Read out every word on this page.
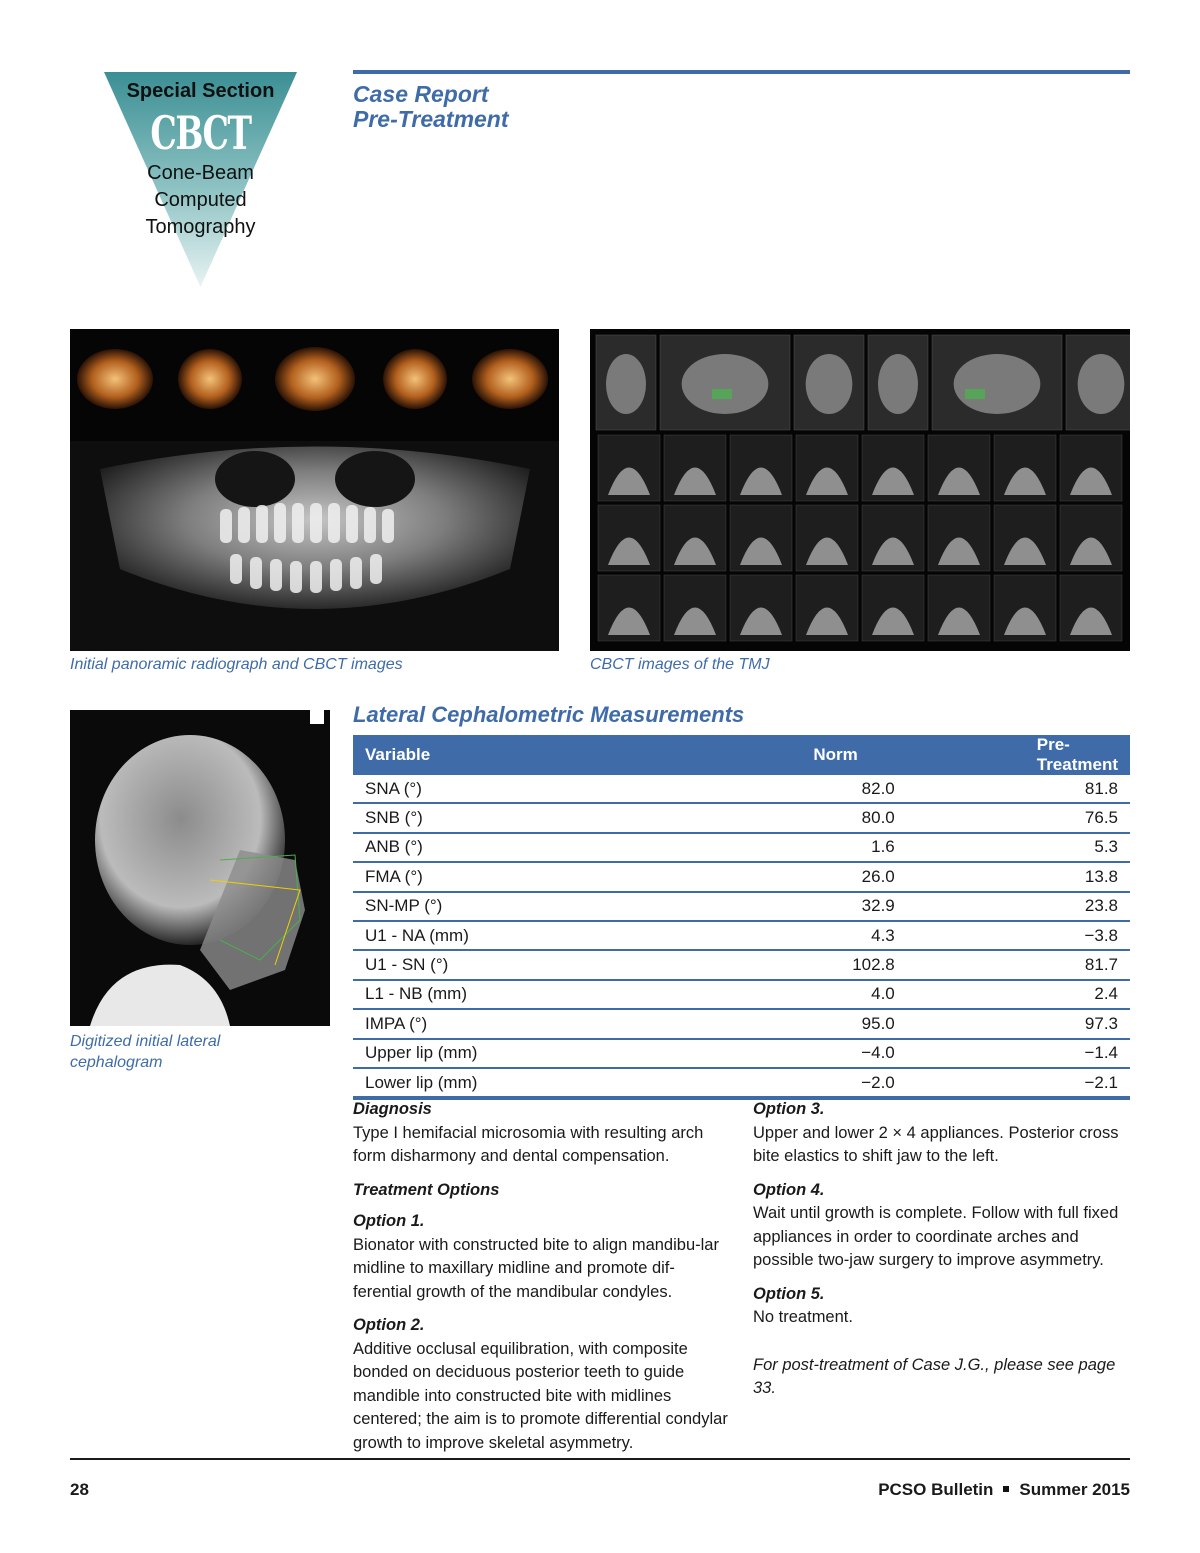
Special Section
CBCT
Cone-Beam
Computed
Tomography
Case Report
Pre-Treatment
Initial panoramic radiograph and CBCT images	CBCT images of the TMJ
Digitized initial lateral cephalogram
Lateral Cephalometric Measurements
Variable	Norm	Pre-Treatment
SNA (°)	82.0	81.8
SNB (°)	80.0	76.5
ANB (°)	1.6	5.3
FMA (°)	26.0	13.8
SN-MP (°)	32.9	23.8
U1 - NA (mm)	4.3	−3.8
U1 - SN (°)	102.8	81.7
L1 - NB (mm)	4.0	2.4
IMPA (°)	95.0	97.3
Upper lip (mm)	−4.0	−1.4
Lower lip (mm)	−2.0	−2.1
Diagnosis

Type I hemifacial microsomia with resulting arch form disharmony and dental compensation.

Treatment Options
Option 1.

Bionator with constructed bite to align mandibu-lar midline to maxillary midline and promote dif-ferential growth of the mandibular condyles.

Option 2.

Additive occlusal equilibration, with composite bonded on deciduous posterior teeth to guide mandible into constructed bite with midlines centered; the aim is to promote differential condylar growth to improve skeletal asymmetry.

Option 3.

Upper and lower 2 × 4 appliances. Posterior cross bite elastics to shift jaw to the left.

Option 4.

Wait until growth is complete. Follow with full fixed appliances in order to coordinate arches and possible two-jaw surgery to improve asymmetry.

Option 5.

No treatment.

For post-treatment of Case J.G., please see page 33.

28	PCSO Bulletin Summer 2015
